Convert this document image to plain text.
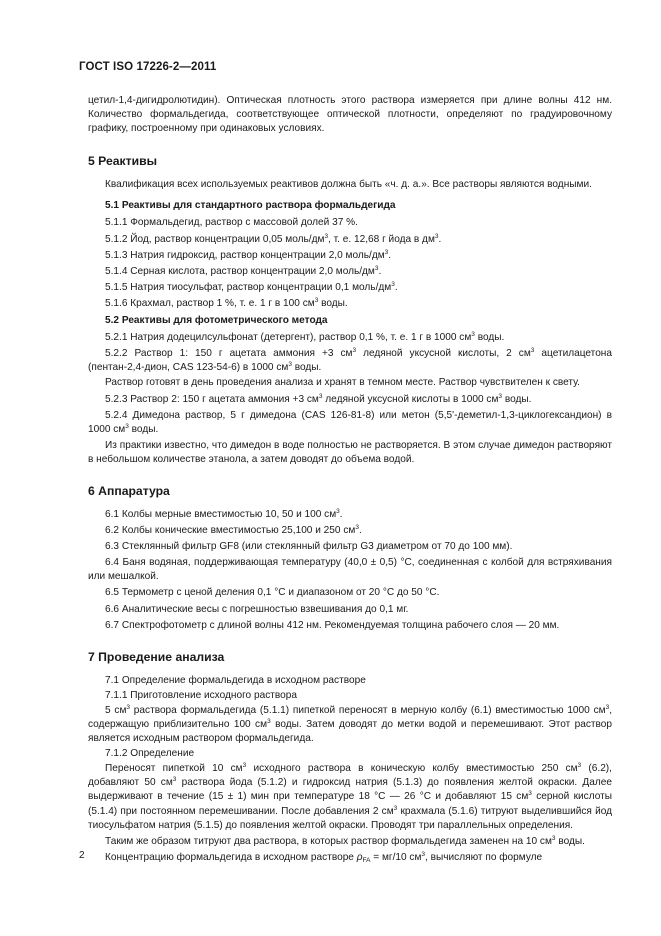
ГОСТ ISO 17226-2—2011

цетил-1,4-дигидролютидин). Оптическая плотность этого раствора измеряется при длине волны 412 нм. Количество формальдегида, соответствующее оптической плотности, определяют по градуировочному графику, построенному при одинаковых условиях.

5 Реактивы

Квалификация всех используемых реактивов должна быть «ч. д. а.». Все растворы являются водными.

5.1 Реактивы для стандартного раствора формальдегида

5.1.1 Формальдегид, раствор с массовой долей 37 %.

5.1.2 Йод, раствор концентрации 0,05 моль/$дм^3$, т. е. 12,68 г йода в $дм^3$.

5.1.3 Натрия гидроксид, раствор концентрации 2,0 моль/$дм^3$.

5.1.4 Серная кислота, раствор концентрации 2,0 моль/$дм^3$.

5.1.5 Натрия тиосульфат, раствор концентрации 0,1 моль/$дм^3$.

5.1.6 Крахмал, раствор 1 %, т. е. 1 г в 100 $см^3$ воды.

5.2 Реактивы для фотометрического метода

5.2.1 Натрия додецилсульфонат (детергент), раствор 0,1 %, т. е. 1 г в 1000 $см^3$ воды.

5.2.2 Раствор 1: 150 г ацетата аммония +3 $см^3$ ледяной уксусной кислоты, 2 $см^3$ ацетилацетона (пентан-2,4-дион, CAS 123-54-6) в 1000 $см^3$ воды.

Раствор готовят в день проведения анализа и хранят в темном месте. Раствор чувствителен к свету.

5.2.3 Раствор 2: 150 г ацетата аммония +3 $см^3$ ледяной уксусной кислоты в 1000 $см^3$ воды.

5.2.4 Димедона раствор, 5 г димедона (CAS 126-81-8) или метон (5,5'-деметил-1,3-циклогександион) в 1000 $см^3$ воды.

Из практики известно, что димедон в воде полностью не растворяется. В этом случае димедон растворяют в небольшом количестве этанола, а затем доводят до объема водой.

6 Аппаратура

6.1 Колбы мерные вместимостью 10, 50 и 100 $см^3$.

6.2 Колбы конические вместимостью 25,100 и 250 $см^3$.

6.3 Стеклянный фильтр GF8 (или стеклянный фильтр G3 диаметром от 70 до 100 мм).

6.4 Баня водяная, поддерживающая температуру (40,0 ± 0,5) °С, соединенная с колбой для встряхивания или мешалкой.

6.5 Термометр с ценой деления 0,1 °С и диапазоном от 20 °С до 50 °С.

6.6 Аналитические весы с погрешностью взвешивания до 0,1 мг.

6.7 Спектрофотометр с длиной волны 412 нм. Рекомендуемая толщина рабочего слоя — 20 мм.

7 Проведение анализа

7.1 Определение формальдегида в исходном растворе

7.1.1 Приготовление исходного раствора

5 $см^3$ раствора формальдегида (5.1.1) пипеткой переносят в мерную колбу (6.1) вместимостью 1000 $см^3$, содержащую приблизительно 100 $см^3$ воды. Затем доводят до метки водой и перемешивают. Этот раствор является исходным раствором формальдегида.

7.1.2 Определение

Переносят пипеткой 10 $см^3$ исходного раствора в коническую колбу вместимостью 250 $см^3$ (6.2), добавляют 50 $см^3$ раствора йода (5.1.2) и гидроксид натрия (5.1.3) до появления желтой окраски. Далее выдерживают в течение (15 ± 1) мин при температуре 18 °С — 26 °С и добавляют 15 $см^3$ серной кислоты (5.1.4) при постоянном перемешивании. После добавления 2 $см^3$ крахмала (5.1.6) титруют выделившийся йод тиосульфатом натрия (5.1.5) до появления желтой окраски. Проводят три параллельных определения.

Таким же образом титруют два раствора, в которых раствор формальдегида заменен на 10 $см^3$ воды.

Концентрацию формальдегида в исходном растворе $\rho_{FA} = мг/10$ $см^3$, вычисляют по формуле

2
